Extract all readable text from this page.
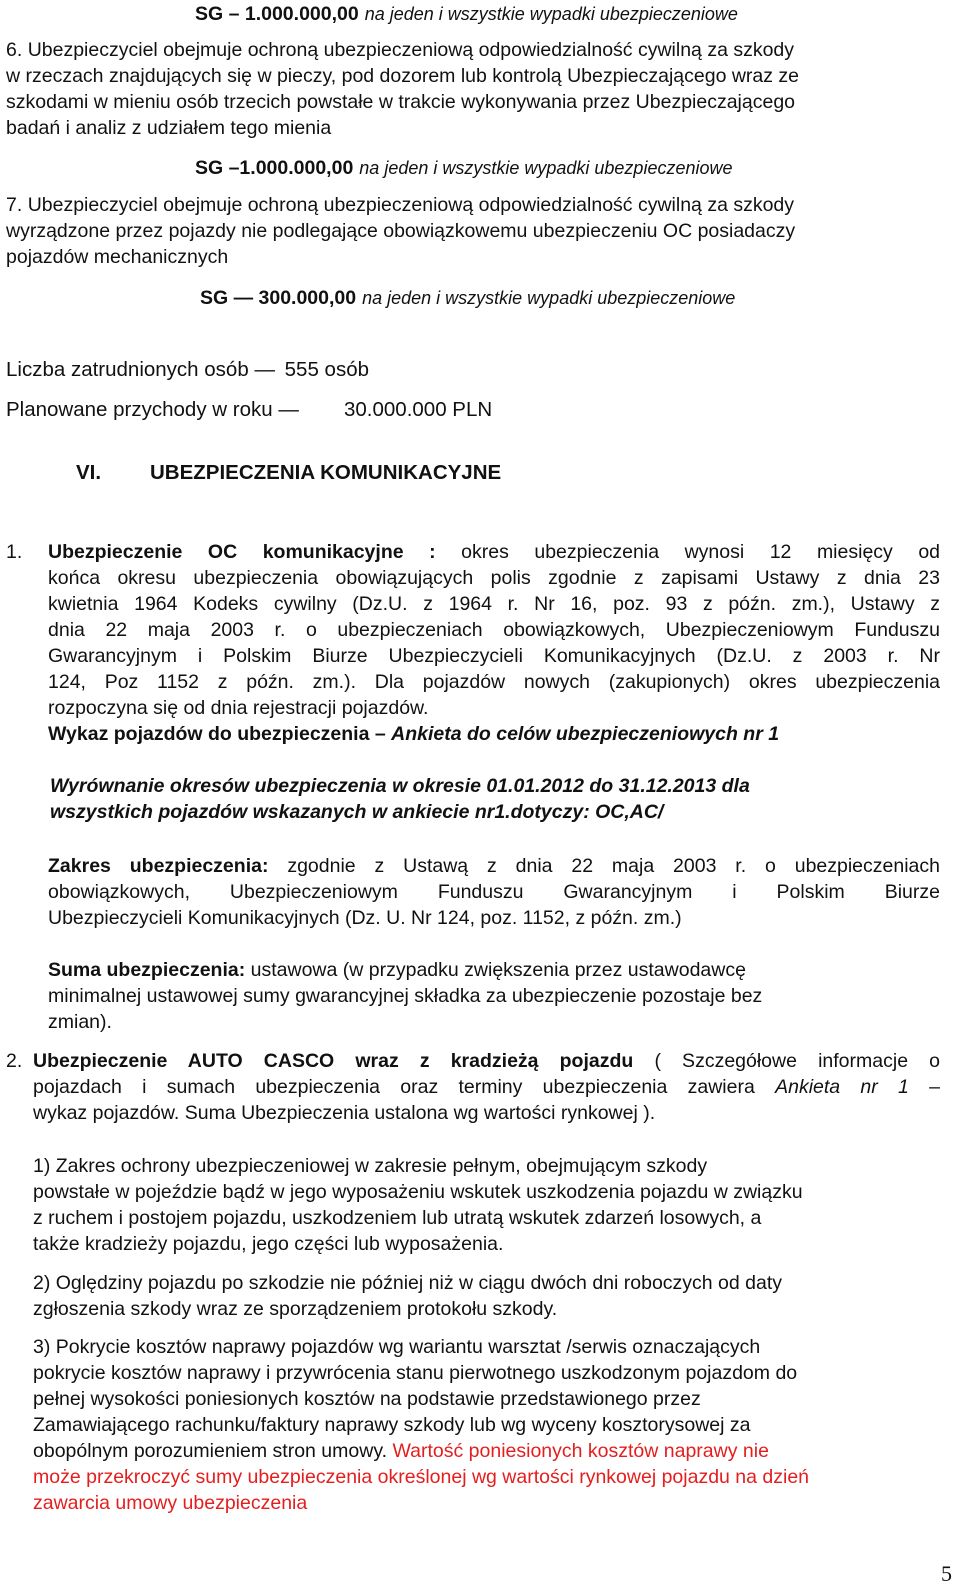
SG – 1.000.000,00 na jeden i wszystkie wypadki ubezpieczeniowe
6. Ubezpieczyciel obejmuje ochroną ubezpieczeniową odpowiedzialność cywilną za szkody
w rzeczach znajdujących się w pieczy, pod dozorem lub kontrolą Ubezpieczającego wraz ze
szkodami w mieniu osób trzecich powstałe w trakcie wykonywania przez Ubezpieczającego
badań i analiz z udziałem tego mienia
SG –1.000.000,00 na jeden i wszystkie wypadki ubezpieczeniowe
7. Ubezpieczyciel obejmuje ochroną ubezpieczeniową odpowiedzialność cywilną za szkody
wyrządzone przez pojazdy nie podlegające obowiązkowemu ubezpieczeniu OC posiadaczy
pojazdów mechanicznych
SG — 300.000,00 na jeden i wszystkie wypadki ubezpieczeniowe
Liczba zatrudnionych osób — 555 osób
Planowane przychody w roku — 30.000.000 PLN
VI. UBEZPIECZENIA KOMUNIKACYJNE
1. Ubezpieczenie OC komunikacyjne : okres ubezpieczenia wynosi 12 miesięcy od
końca okresu ubezpieczenia obowiązujących polis zgodnie z zapisami Ustawy z dnia 23
kwietnia 1964 Kodeks cywilny (Dz.U. z 1964 r. Nr 16, poz. 93 z późn. zm.), Ustawy z
dnia 22 maja 2003 r. o ubezpieczeniach obowiązkowych, Ubezpieczeniowym Funduszu
Gwarancyjnym i Polskim Biurze Ubezpieczycieli Komunikacyjnych (Dz.U. z 2003 r. Nr
124, Poz 1152 z późn. zm.). Dla pojazdów nowych (zakupionych) okres ubezpieczenia
rozpoczyna się od dnia rejestracji pojazdów.
Wykaz pojazdów do ubezpieczenia – Ankieta do celów ubezpieczeniowych nr 1
Wyrównanie okresów ubezpieczenia w okresie 01.01.2012 do 31.12.2013 dla
wszystkich pojazdów wskazanych w ankiecie nr1.dotyczy: OC,AC/
Zakres ubezpieczenia: zgodnie z Ustawą z dnia 22 maja 2003 r. o ubezpieczeniach
obowiązkowych, Ubezpieczeniowym Funduszu Gwarancyjnym i Polskim Biurze
Ubezpieczycieli Komunikacyjnych (Dz. U. Nr 124, poz. 1152, z późn. zm.)
Suma ubezpieczenia: ustawowa (w przypadku zwiększenia przez ustawodawcę
minimalnej ustawowej sumy gwarancyjnej składka za ubezpieczenie pozostaje bez
zmian).
2. Ubezpieczenie AUTO CASCO wraz z kradzieżą pojazdu ( Szczegółowe informacje o
pojazdach i sumach ubezpieczenia oraz terminy ubezpieczenia zawiera Ankieta nr 1 –
wykaz pojazdów. Suma Ubezpieczenia ustalona wg wartości rynkowej ).
1) Zakres ochrony ubezpieczeniowej w zakresie pełnym, obejmującym szkody
powstałe w pojeździe bądź w jego wyposażeniu wskutek uszkodzenia pojazdu w związku
z ruchem i postojem pojazdu, uszkodzeniem lub utratą wskutek zdarzeń losowych, a
także kradzieży pojazdu, jego części lub wyposażenia.
2) Oględziny pojazdu po szkodzie nie później niż w ciągu dwóch dni roboczych od daty
zgłoszenia szkody wraz ze sporządzeniem protokołu szkody.
3) Pokrycie kosztów naprawy pojazdów wg wariantu warsztat /serwis oznaczających
pokrycie kosztów naprawy i przywrócenia stanu pierwotnego uszkodzonym pojazdom do
pełnej wysokości poniesionych kosztów na podstawie przedstawionego przez
Zamawiającego rachunku/faktury naprawy szkody lub wg wyceny kosztorysowej za
obopólnym porozumieniem stron umowy. Wartość poniesionych kosztów naprawy nie
może przekroczyć sumy ubezpieczenia określonej wg wartości rynkowej pojazdu na dzień
zawarcia umowy ubezpieczenia
5
